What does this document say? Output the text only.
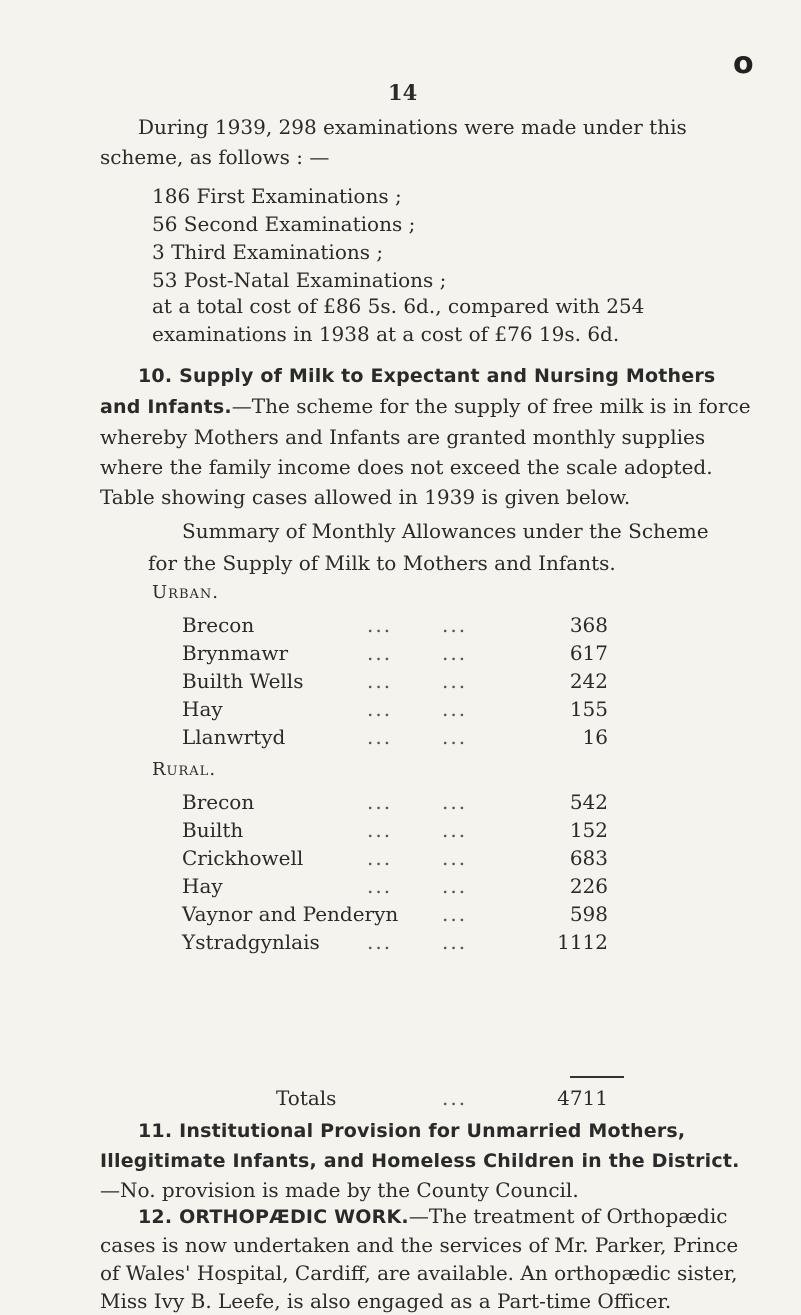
ο
14
During 1939, 298 examinations were made under this scheme, as follows : —
186 First Examinations ;
56 Second Examinations ;
3 Third Examinations ;
53 Post-Natal Examinations ;
at a total cost of £86 5s. 6d., compared with 254 examinations in 1938 at a cost of £76 19s. 6d.
10. Supply of Milk to Expectant and Nursing Mothers and Infants.—The scheme for the supply of free milk is in force whereby Mothers and Infants are granted monthly supplies where the family income does not exceed the scale adopted. Table showing cases allowed in 1939 is given below.
Summary of Monthly Allowances under the Scheme
for the Supply of Milk to Mothers and Infants.
Urban.
Brecon	... ...	368
Brynmawr	... ...	617
Builth Wells	... ...	242
Hay	... ...	155
Llanwrtyd	... ...	16
Rural.
Brecon	... ...	542
Builth	... ...	152
Crickhowell	... ...	683
Hay	... ...	226
Vaynor and Penderyn ...	598
Ystradgynlais ... ...	1112
Totals	...	4711
11. Institutional Provision for Unmarried Mothers, Illegitimate Infants, and Homeless Children in the District.—No. provision is made by the County Council.
12. ORTHOPÆDIC WORK.—The treatment of Orthopædic cases is now undertaken and the services of Mr. Parker, Prince of Wales' Hospital, Cardiff, are available. An orthopædic sister, Miss Ivy B. Leefe, is also engaged as a Part-time Officer.
